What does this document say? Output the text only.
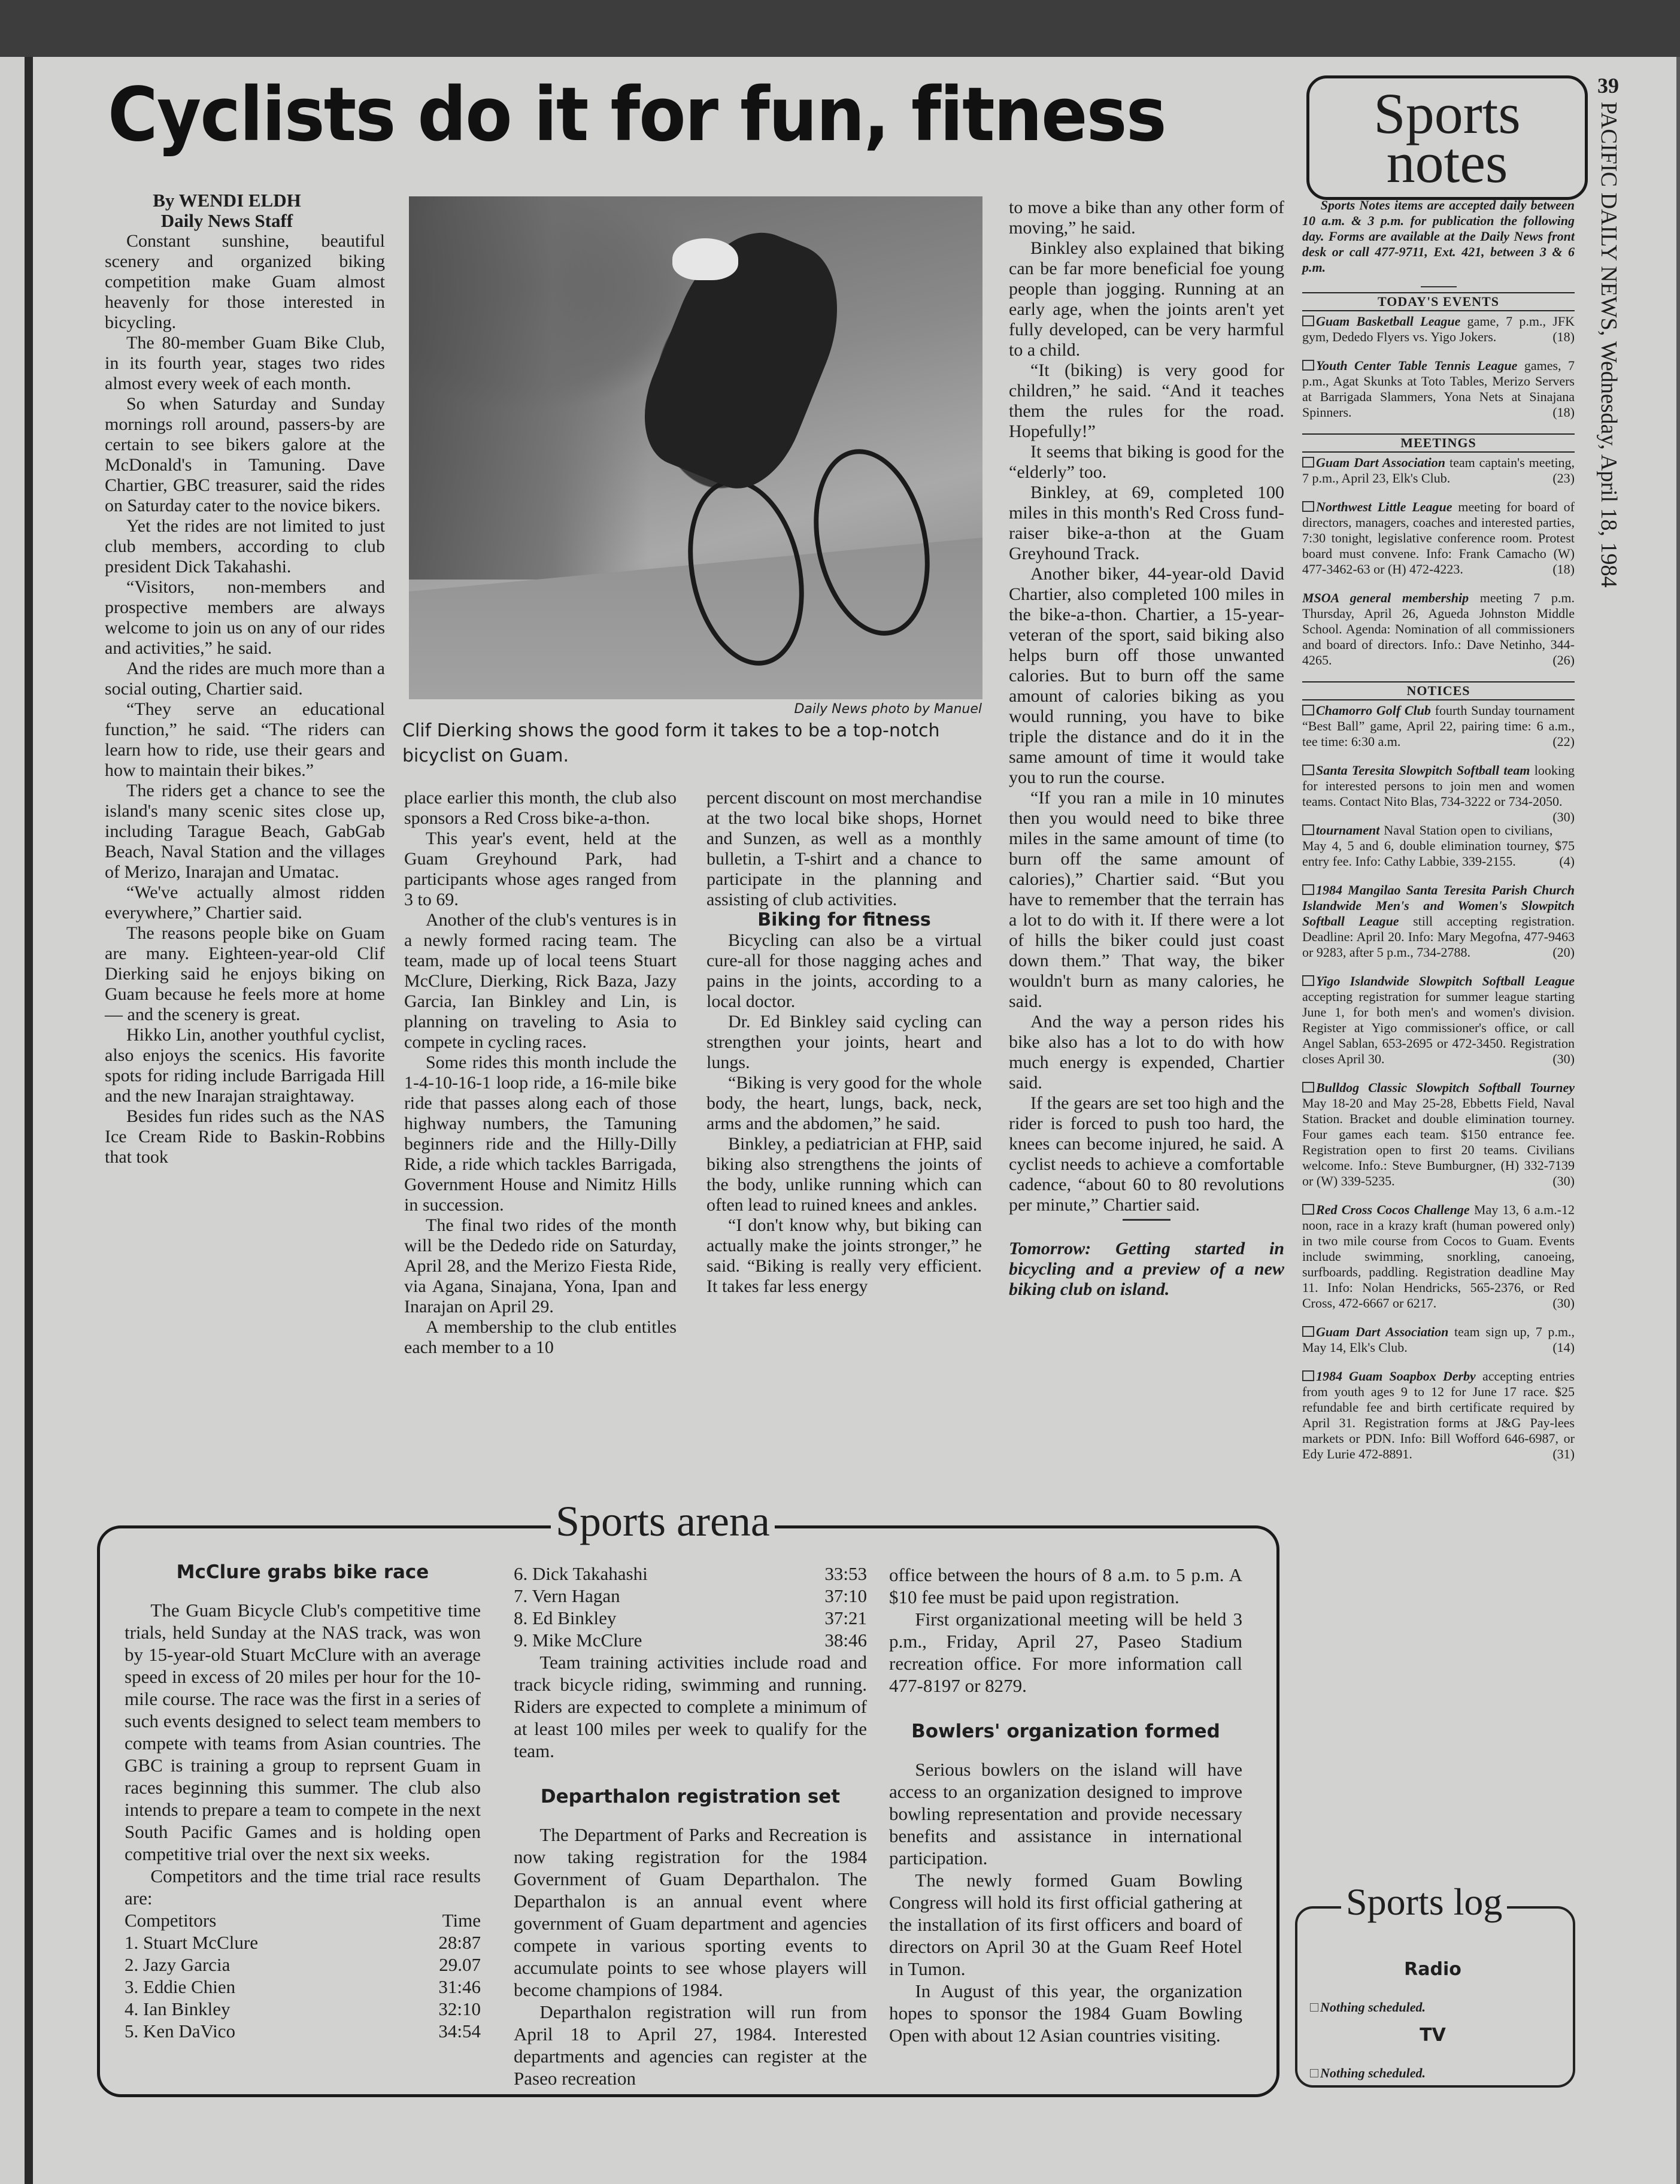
Cyclists do it for fun, fitness
By WENDI ELDH
Daily News Staff

Constant sunshine, beautiful scenery and organized biking competition make Guam almost heavenly for those interested in bicycling.

The 80-member Guam Bike Club, in its fourth year, stages two rides almost every week of each month.

So when Saturday and Sunday mornings roll around, passers-by are certain to see bikers galore at the McDonald's in Tamuning. Dave Chartier, GBC treasurer, said the rides on Saturday cater to the novice bikers.

Yet the rides are not limited to just club members, according to club president Dick Takahashi.

“Visitors, non-members and prospective members are always welcome to join us on any of our rides and activities,” he said.

And the rides are much more than a social outing, Chartier said.

“They serve an educational function,” he said. “The riders can learn how to ride, use their gears and how to maintain their bikes.”

The riders get a chance to see the island's many scenic sites close up, including Tarague Beach, GabGab Beach, Naval Station and the villages of Merizo, Inarajan and Umatac.

“We've actually almost ridden everywhere,” Chartier said.

The reasons people bike on Guam are many. Eighteen-year-old Clif Dierking said he enjoys biking on Guam because he feels more at home — and the scenery is great.

Hikko Lin, another youthful cyclist, also enjoys the scenics. His favorite spots for riding include Barrigada Hill and the new Inarajan straightaway.

Besides fun rides such as the NAS Ice Cream Ride to Baskin-Robbins that took

Daily News photo by Manuel
Clif Dierking shows the good form it takes to be a top-notch bicyclist on Guam.

place earlier this month, the club also sponsors a Red Cross bike-a-thon.

This year's event, held at the Guam Greyhound Park, had participants whose ages ranged from 3 to 69.

Another of the club's ventures is in a newly formed racing team. The team, made up of local teens Stuart McClure, Dierking, Rick Baza, Jazy Garcia, Ian Binkley and Lin, is planning on traveling to Asia to compete in cycling races.

Some rides this month include the 1-4-10-16-1 loop ride, a 16-mile bike ride that passes along each of those highway numbers, the Tamuning beginners ride and the Hilly-Dilly Ride, a ride which tackles Barrigada, Government House and Nimitz Hills in succession.

The final two rides of the month will be the Dededo ride on Saturday, April 28, and the Merizo Fiesta Ride, via Agana, Sinajana, Yona, Ipan and Inarajan on April 29.

A membership to the club entitles each member to a 10

percent discount on most merchandise at the two local bike shops, Hornet and Sunzen, as well as a monthly bulletin, a T-shirt and a chance to participate in the planning and assisting of club activities.

Biking for fitness

Bicycling can also be a virtual cure-all for those nagging aches and pains in the joints, according to a local doctor.

Dr. Ed Binkley said cycling can strengthen your joints, heart and lungs.

“Biking is very good for the whole body, the heart, lungs, back, neck, arms and the abdomen,” he said.

Binkley, a pediatrician at FHP, said biking also strengthens the joints of the body, unlike running which can often lead to ruined knees and ankles.

“I don't know why, but biking can actually make the joints stronger,” he said. “Biking is really very efficient. It takes far less energy

to move a bike than any other form of moving,” he said.

Binkley also explained that biking can be far more beneficial foe young people than jogging. Running at an early age, when the joints aren't yet fully developed, can be very harmful to a child.

“It (biking) is very good for children,” he said. “And it teaches them the rules for the road. Hopefully!”

It seems that biking is good for the “elderly” too.

Binkley, at 69, completed 100 miles in this month's Red Cross fund-raiser bike-a-thon at the Guam Greyhound Track.

Another biker, 44-year-old David Chartier, also completed 100 miles in the bike-a-thon. Chartier, a 15-year-veteran of the sport, said biking also helps burn off those unwanted calories. But to burn off the same amount of calories biking as you would running, you have to bike triple the distance and do it in the same amount of time it would take you to run the course.

“If you ran a mile in 10 minutes then you would need to bike three miles in the same amount of time (to burn off the same amount of calories),” Chartier said. “But you have to remember that the terrain has a lot to do with it. If there were a lot of hills the biker could just coast down them.” That way, the biker wouldn't burn as many calories, he said.

And the way a person rides his bike also has a lot to do with how much energy is expended, Chartier said.

If the gears are set too high and the rider is forced to push too hard, the knees can become injured, he said. A cyclist needs to achieve a comfortable cadence, “about 60 to 80 revolutions per minute,” Chartier said.

Tomorrow: Getting started in bicycling and a preview of a new biking club on island.

Sports
notes
39
PACIFIC DAILY NEWS, Wednesday, April 18, 1984
Sports Notes items are accepted daily between 10 a.m. & 3 p.m. for publication the following day. Forms are available at the Daily News front desk or call 477-9711, Ext. 421, between 3 & 6 p.m.
TODAY'S EVENTS
Guam Basketball League game, 7 p.m., JFK gym, Dededo Flyers vs. Yigo Jokers.	(18)
Youth Center Table Tennis League games, 7 p.m., Agat Skunks at Toto Tables, Merizo Servers at Barrigada Slammers, Yona Nets at Sinajana Spinners.	(18)
MEETINGS
Guam Dart Association team captain's meeting, 7 p.m., April 23, Elk's Club.	(23)
Northwest Little League meeting for board of directors, managers, coaches and interested parties, 7:30 tonight, legislative conference room. Protest board must convene. Info: Frank Camacho (W) 477-3462-63 or (H) 472-4223.	(18)
MSOA general membership meeting 7 p.m. Thursday, April 26, Agueda Johnston Middle School. Agenda: Nomination of all commissioners and board of directors. Info.: Dave Netinho, 344-4265.	(26)
NOTICES
Chamorro Golf Club fourth Sunday tournament “Best Ball” game, April 22, pairing time: 6 a.m., tee time: 6:30 a.m.	(22)
Santa Teresita Slowpitch Softball team looking for interested persons to join men and women teams. Contact Nito Blas, 734-3222 or 734-2050.
(30)
tournament Naval Station open to civilians, May 4, 5 and 6, double elimination tourney, $75 entry fee. Info: Cathy Labbie, 339-2155.	(4)
1984 Mangilao Santa Teresita Parish Church Islandwide Men's and Women's Slowpitch Softball League still accepting registration. Deadline: April 20. Info: Mary Megofna, 477-9463 or 9283, after 5 p.m., 734-2788.	(20)
Yigo Islandwide Slowpitch Softball League accepting registration for summer league starting June 1, for both men's and women's division. Register at Yigo commissioner's office, or call Angel Sablan, 653-2695 or 472-3450. Registration closes April 30.	(30)
Bulldog Classic Slowpitch Softball Tourney May 18-20 and May 25-28, Ebbetts Field, Naval Station. Bracket and double elimination tourney. Four games each team. $150 entrance fee. Registration open to first 20 teams. Civilians welcome. Info.: Steve Bumburgner, (H) 332-7139 or (W) 339-5235.	(30)
Red Cross Cocos Challenge May 13, 6 a.m.-12 noon, race in a krazy kraft (human powered only) in two mile course from Cocos to Guam. Events include swimming, snorkling, canoeing, surfboards, paddling. Registration deadline May 11. Info: Nolan Hendricks, 565-2376, or Red Cross, 472-6667 or 6217.	(30)
Guam Dart Association team sign up, 7 p.m., May 14, Elk's Club.	(14)
1984 Guam Soapbox Derby accepting entries from youth ages 9 to 12 for June 17 race. $25 refundable fee and birth certificate required by April 31. Registration forms at J&G Pay-lees markets or PDN. Info: Bill Wofford 646-6987, or Edy Lurie 472-8891.	(31)
Sports log
Radio
Nothing scheduled.
TV
Nothing scheduled.
Sports arena

McClure grabs bike race

The Guam Bicycle Club's competitive time trials, held Sunday at the NAS track, was won by 15-year-old Stuart McClure with an average speed in excess of 20 miles per hour for the 10-mile course. The race was the first in a series of such events designed to select team members to compete with teams from Asian countries. The GBC is training a group to reprsent Guam in races beginning this summer. The club also intends to prepare a team to compete in the next South Pacific Games and is holding open competitive trial over the next six weeks.

Competitors and the time trial race results are:

Competitors	Time
1. Stuart McClure	28:87
2. Jazy Garcia	29.07
3. Eddie Chien	31:46
4. Ian Binkley	32:10
5. Ken DaVico	34:54
6. Dick Takahashi	33:53
7. Vern Hagan	37:10
8. Ed Binkley	37:21
9. Mike McClure	38:46

Team training activities include road and track bicycle riding, swimming and running. Riders are expected to complete a minimum of at least 100 miles per week to qualify for the team.

Departhalon registration set

The Department of Parks and Recreation is now taking registration for the 1984 Government of Guam Departhalon. The Departhalon is an annual event where government of Guam department and agencies compete in various sporting events to accumulate points to see whose players will become champions of 1984.

Departhalon registration will run from April 18 to April 27, 1984. Interested departments and agencies can register at the Paseo recreation

office between the hours of 8 a.m. to 5 p.m. A $10 fee must be paid upon registration.

First organizational meeting will be held 3 p.m., Friday, April 27, Paseo Stadium recreation office. For more information call 477-8197 or 8279.

Bowlers' organization formed

Serious bowlers on the island will have access to an organization designed to improve bowling representation and provide necessary benefits and assistance in international participation.

The newly formed Guam Bowling Congress will hold its first official gathering at the installation of its first officers and board of directors on April 30 at the Guam Reef Hotel in Tumon.

In August of this year, the organization hopes to sponsor the 1984 Guam Bowling Open with about 12 Asian countries visiting.
